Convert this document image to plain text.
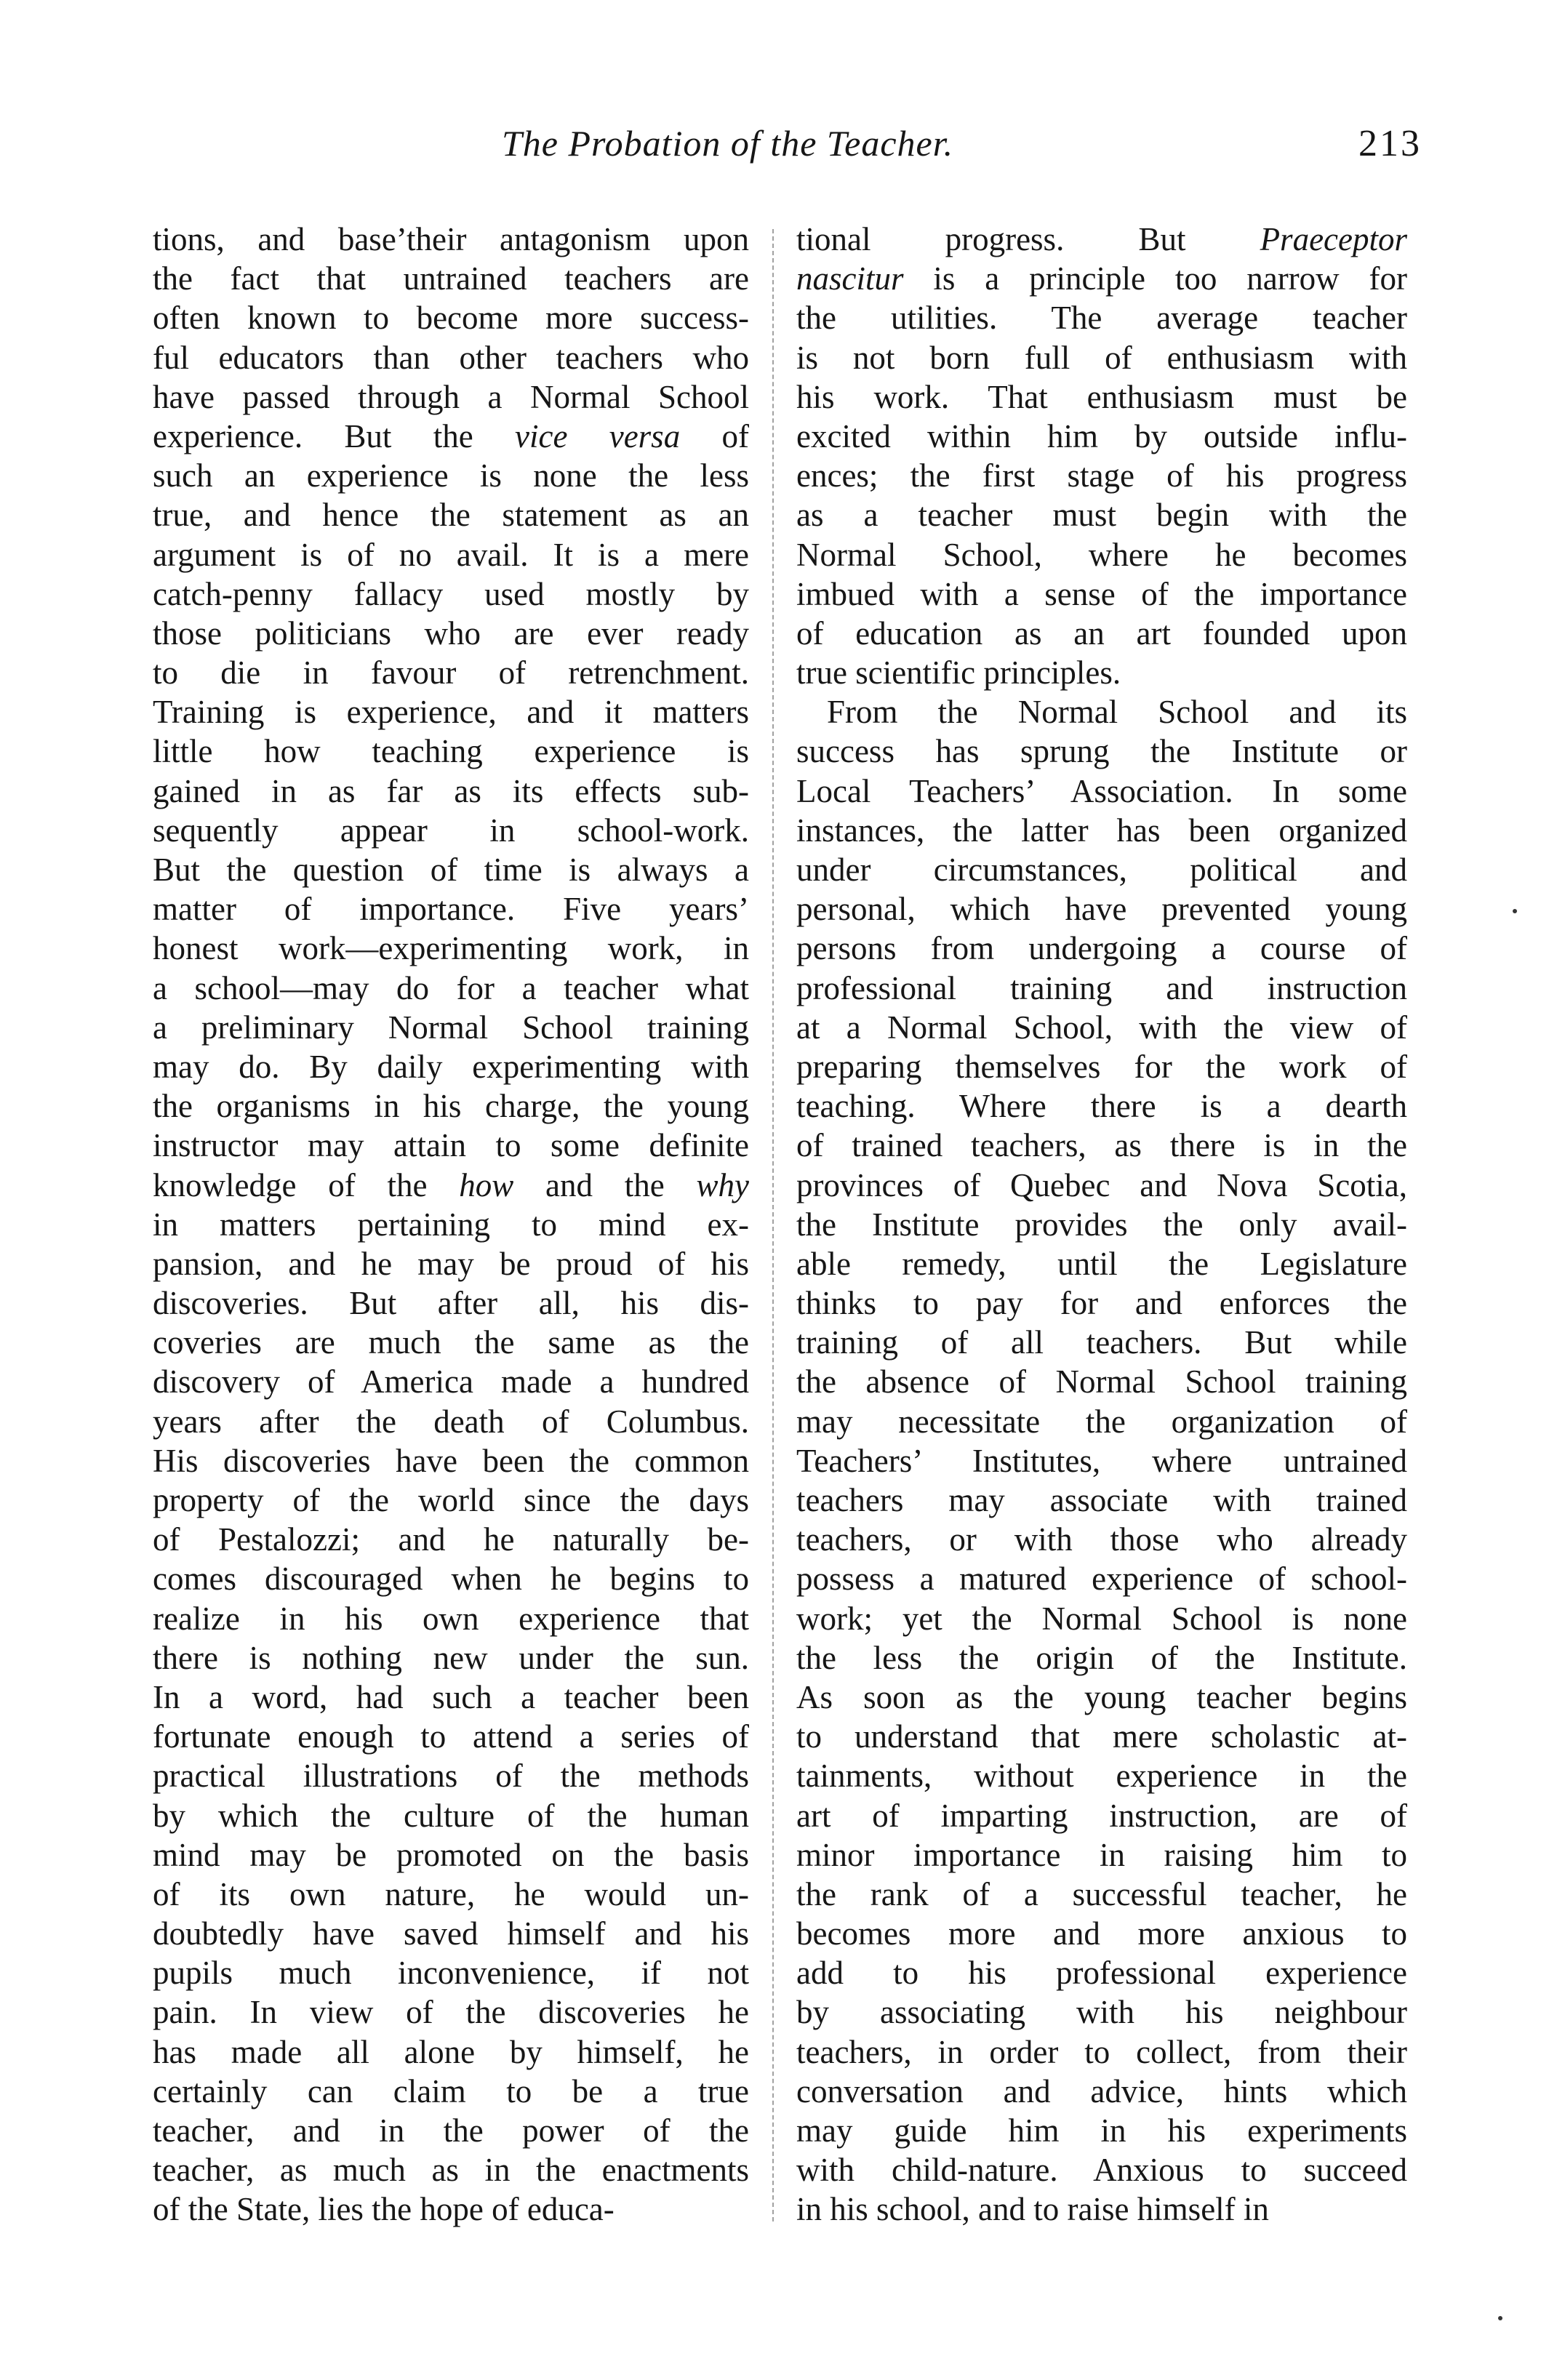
The Probation of the Teacher.	213
tions, and base’their antagonism upon
the fact that untrained teachers are
often known to become more success-
ful educators than other teachers who
have passed through a Normal School
experience. But the vice versa of
such an experience is none the less
true, and hence the statement as an
argument is of no avail. It is a mere
catch-penny fallacy used mostly by
those politicians who are ever ready
to die in favour of retrenchment.
Training is experience, and it matters
little how teaching experience is
gained in as far as its effects sub-
sequently appear in school-work.
But the question of time is always a
matter of importance. Five years’
honest work—experimenting work, in
a school—may do for a teacher what
a preliminary Normal School training
may do. By daily experimenting with
the organisms in his charge, the young
instructor may attain to some definite
knowledge of the how and the why
in matters pertaining to mind ex-
pansion, and he may be proud of his
discoveries. But after all, his dis-
coveries are much the same as the
discovery of America made a hundred
years after the death of Columbus.
His discoveries have been the common
property of the world since the days
of Pestalozzi; and he naturally be-
comes discouraged when he begins to
realize in his own experience that
there is nothing new under the sun.
In a word, had such a teacher been
fortunate enough to attend a series of
practical illustrations of the methods
by which the culture of the human
mind may be promoted on the basis
of its own nature, he would un-
doubtedly have saved himself and his
pupils much inconvenience, if not
pain. In view of the discoveries he
has made all alone by himself, he
certainly can claim to be a true
teacher, and in the power of the
teacher, as much as in the enactments
of the State, lies the hope of educa-
tional progress. But Praeceptor
nascitur is a principle too narrow for
the utilities. The average teacher
is not born full of enthusiasm with
his work. That enthusiasm must be
excited within him by outside influ-
ences; the first stage of his progress
as a teacher must begin with the
Normal School, where he becomes
imbued with a sense of the importance
of education as an art founded upon
true scientific principles.
From the Normal School and its
success has sprung the Institute or
Local Teachers’ Association. In some
instances, the latter has been organized
under circumstances, political and
personal, which have prevented young
persons from undergoing a course of
professional training and instruction
at a Normal School, with the view of
preparing themselves for the work of
teaching. Where there is a dearth
of trained teachers, as there is in the
provinces of Quebec and Nova Scotia,
the Institute provides the only avail-
able remedy, until the Legislature
thinks to pay for and enforces the
training of all teachers. But while
the absence of Normal School training
may necessitate the organization of
Teachers’ Institutes, where untrained
teachers may associate with trained
teachers, or with those who already
possess a matured experience of school-
work; yet the Normal School is none
the less the origin of the Institute.
As soon as the young teacher begins
to understand that mere scholastic at-
tainments, without experience in the
art of imparting instruction, are of
minor importance in raising him to
the rank of a successful teacher, he
becomes more and more anxious to
add to his professional experience
by associating with his neighbour
teachers, in order to collect, from their
conversation and advice, hints which
may guide him in his experiments
with child-nature. Anxious to succeed
in his school, and to raise himself in
